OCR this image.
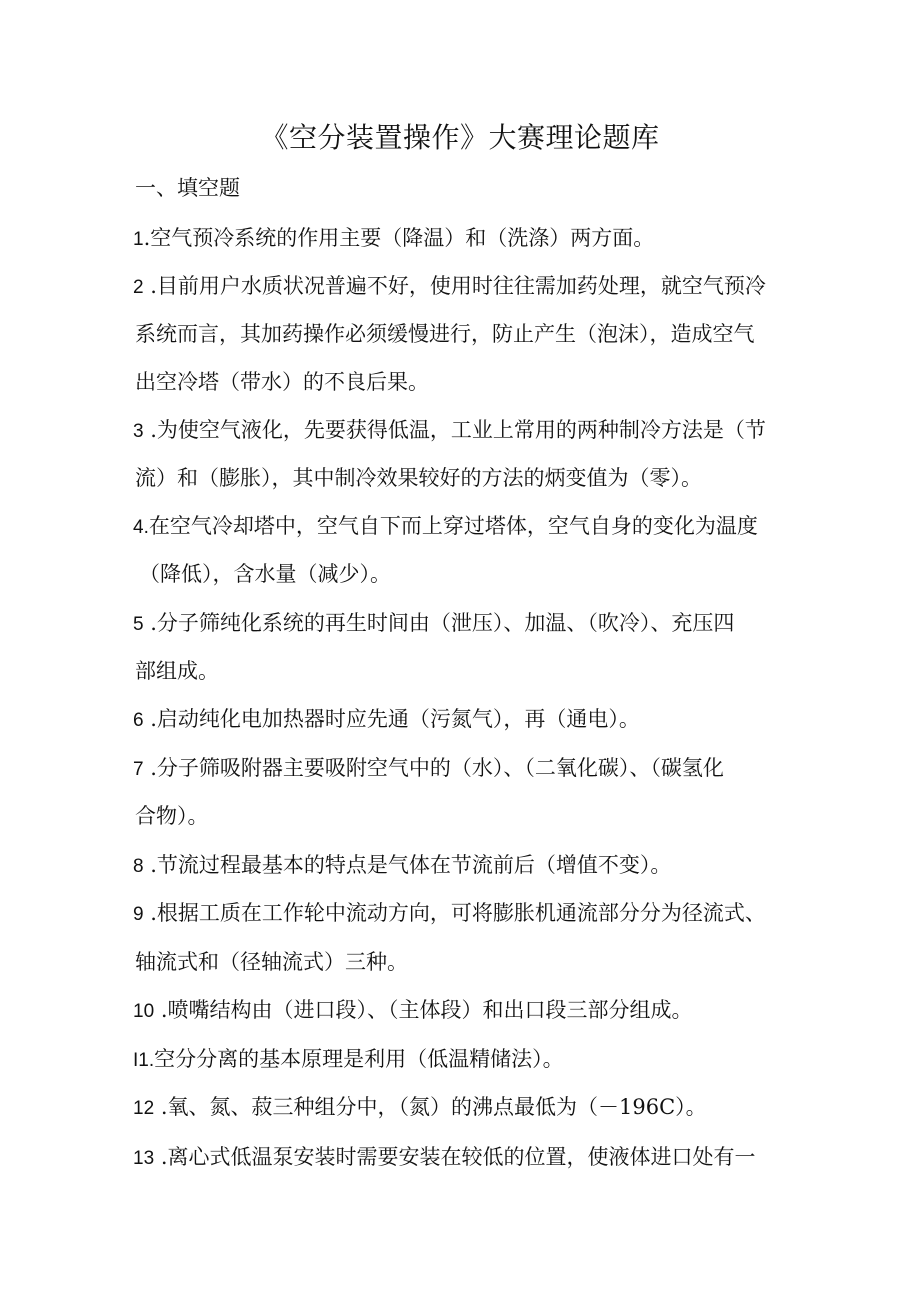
《空分装置操作》大赛理论题库
一、填空题
1.空气预冷系统的作用主要（降温）和（洗涤）两方面。
2 .目前用户水质状况普遍不好，使用时往往需加药处理，就空气预冷
系统而言，其加药操作必须缓慢进行，防止产生（泡沫），造成空气
出空冷塔（带水）的不良后果。
3 .为使空气液化，先要获得低温，工业上常用的两种制冷方法是（节
流）和（膨胀），其中制冷效果较好的方法的炳变值为（零）。
4.在空气冷却塔中，空气自下而上穿过塔体，空气自身的变化为温度
（降低），含水量（减少）。
5 .分子筛纯化系统的再生时间由（泄压）、加温、（吹冷）、充压四
部组成。
6 .启动纯化电加热器时应先通（污氮气），再（通电）。
7 .分子筛吸附器主要吸附空气中的（水）、（二氧化碳）、（碳氢化
合物）。
8 .节流过程最基本的特点是气体在节流前后（增值不变）。
9 .根据工质在工作轮中流动方向，可将膨胀机通流部分分为径流式、
轴流式和（径轴流式）三种。
10 .喷嘴结构由（进口段）、（主体段）和出口段三部分组成。
I1.空分分离的基本原理是利用（低温精储法）。
12 .氧、氮、菽三种组分中，（氮）的沸点最低为（－196C）。
13 .离心式低温泵安装时需要安装在较低的位置，使液体进口处有一
